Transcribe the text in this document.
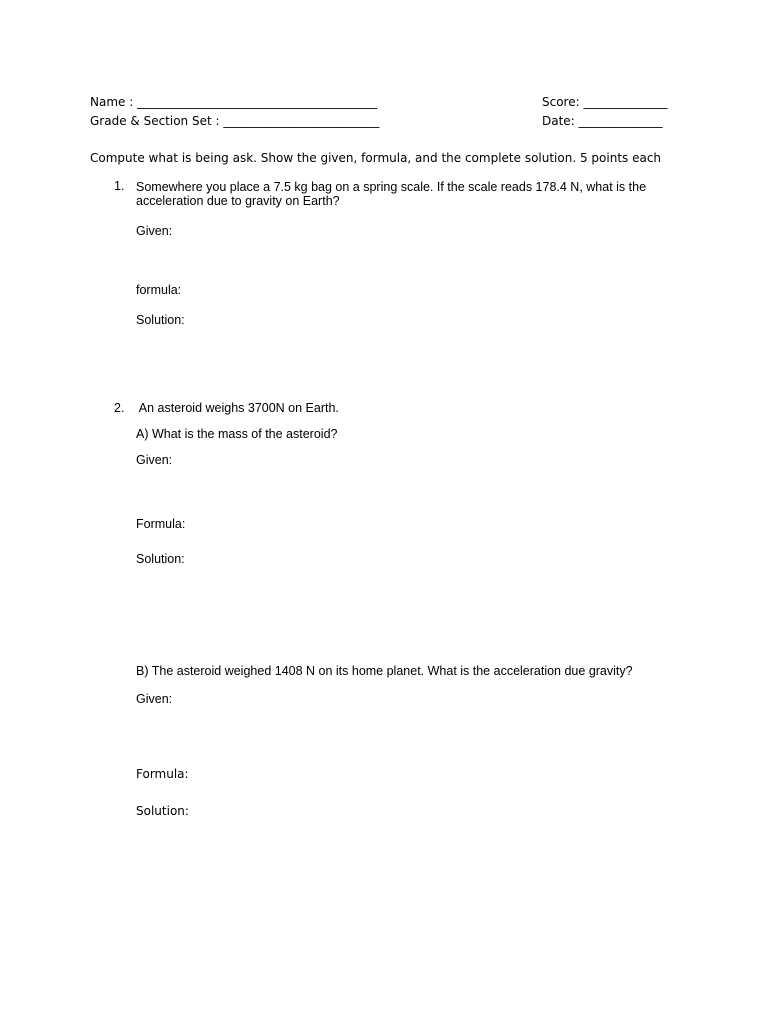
Name : ________________________________________	Score: ______________
Grade & Section Set : __________________________	Date: ______________
Compute what is being ask. Show the given, formula, and the complete solution. 5 points each
1. Somewhere you place a 7.5 kg bag on a spring scale. If the scale reads 178.4 N, what is the acceleration due to gravity on Earth?
Given:
formula:
Solution:
2. An asteroid weighs 3700N on Earth.
A) What is the mass of the asteroid?
Given:
Formula:
Solution:
B) The asteroid weighed 1408 N on its home planet. What is the acceleration due gravity?
Given:
Formula:
Solution:
